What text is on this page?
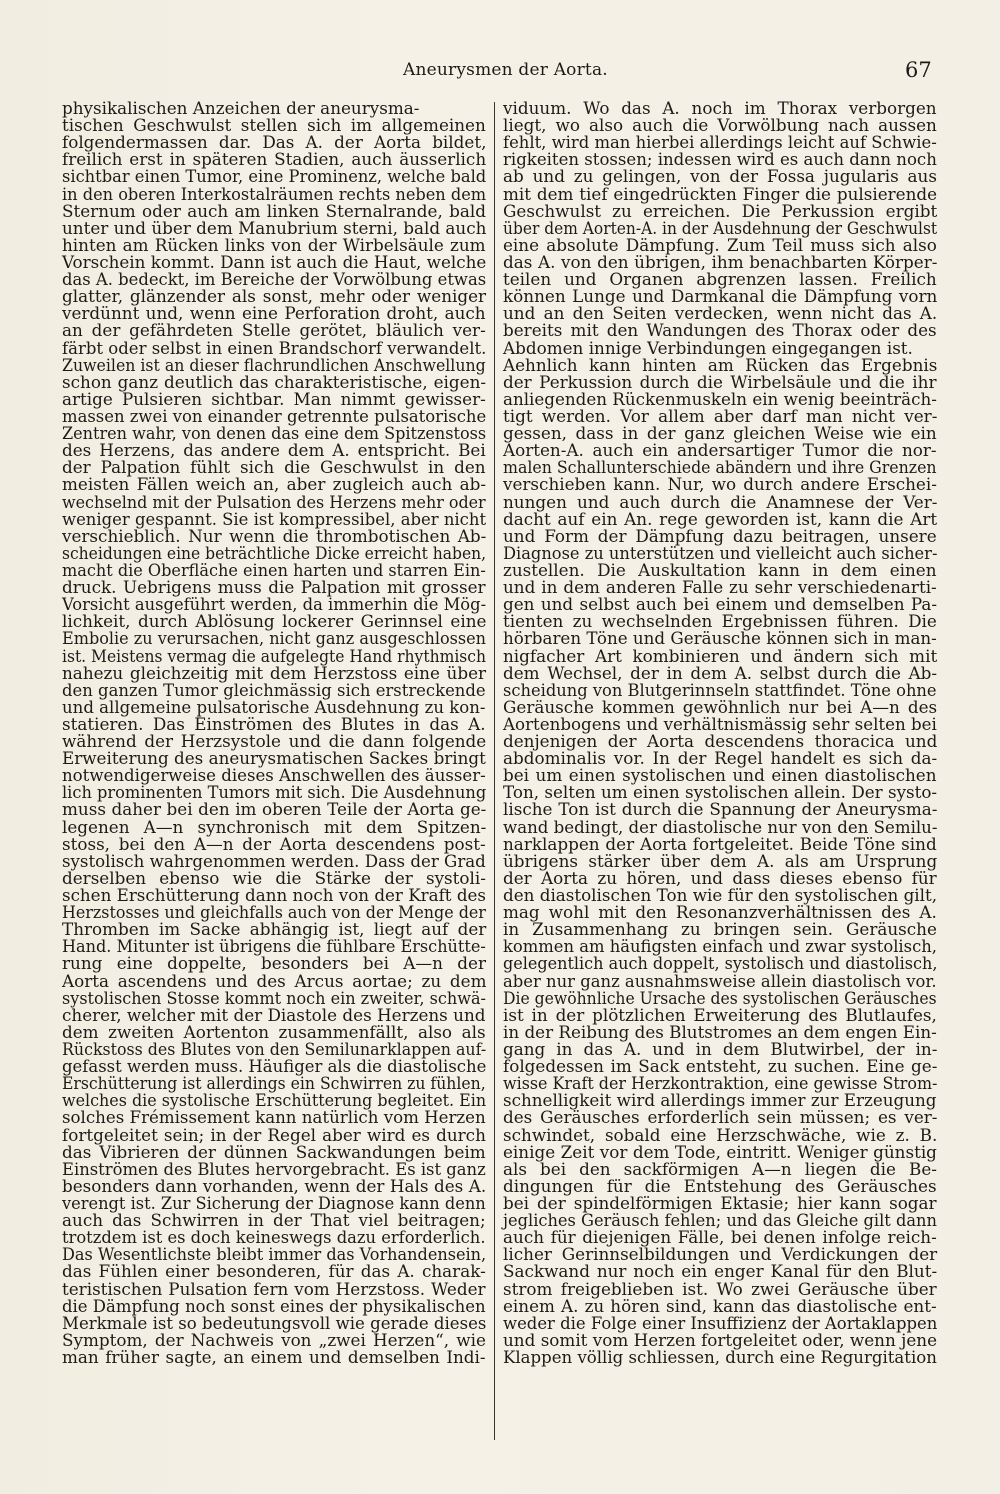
Aneurysmen der Aorta.	67
physikalischen Anzeichen der aneurysma-
tischen Geschwulst stellen sich im allgemeinen
folgendermassen dar. Das A. der Aorta bildet,
freilich erst in späteren Stadien, auch äusserlich
sichtbar einen Tumor, eine Prominenz, welche bald
in den oberen Interkostalräumen rechts neben dem
Sternum oder auch am linken Sternalrande, bald
unter und über dem Manubrium sterni, bald auch
hinten am Rücken links von der Wirbelsäule zum
Vorschein kommt. Dann ist auch die Haut, welche
das A. bedeckt, im Bereiche der Vorwölbung etwas
glatter, glänzender als sonst, mehr oder weniger
verdünnt und, wenn eine Perforation droht, auch
an der gefährdeten Stelle gerötet, bläulich ver-
färbt oder selbst in einen Brandschorf verwandelt.
Zuweilen ist an dieser flachrundlichen Anschwellung
schon ganz deutlich das charakteristische, eigen-
artige Pulsieren sichtbar. Man nimmt gewisser-
massen zwei von einander getrennte pulsatorische
Zentren wahr, von denen das eine dem Spitzenstoss
des Herzens, das andere dem A. entspricht. Bei
der Palpation fühlt sich die Geschwulst in den
meisten Fällen weich an, aber zugleich auch ab-
wechselnd mit der Pulsation des Herzens mehr oder
weniger gespannt. Sie ist kompressibel, aber nicht
verschieblich. Nur wenn die thrombotischen Ab-
scheidungen eine beträchtliche Dicke erreicht haben,
macht die Oberfläche einen harten und starren Ein-
druck. Uebrigens muss die Palpation mit grosser
Vorsicht ausgeführt werden, da immerhin die Mög-
lichkeit, durch Ablösung lockerer Gerinnsel eine
Embolie zu verursachen, nicht ganz ausgeschlossen
ist. Meistens vermag die aufgelegte Hand rhythmisch
nahezu gleichzeitig mit dem Herzstoss eine über
den ganzen Tumor gleichmässig sich erstreckende
und allgemeine pulsatorische Ausdehnung zu kon-
statieren. Das Einströmen des Blutes in das A.
während der Herzsystole und die dann folgende
Erweiterung des aneurysmatischen Sackes bringt
notwendigerweise dieses Anschwellen des äusser-
lich prominenten Tumors mit sich. Die Ausdehnung
muss daher bei den im oberen Teile der Aorta ge-
legenen A—n synchronisch mit dem Spitzen-
stoss, bei den A—n der Aorta descendens post-
systolisch wahrgenommen werden. Dass der Grad
derselben ebenso wie die Stärke der systoli-
schen Erschütterung dann noch von der Kraft des
Herzstosses und gleichfalls auch von der Menge der
Thromben im Sacke abhängig ist, liegt auf der
Hand. Mitunter ist übrigens die fühlbare Erschütte-
rung eine doppelte, besonders bei A—n der
Aorta ascendens und des Arcus aortae; zu dem
systolischen Stosse kommt noch ein zweiter, schwä-
cherer, welcher mit der Diastole des Herzens und
dem zweiten Aortenton zusammenfällt, also als
Rückstoss des Blutes von den Semilunarklappen auf-
gefasst werden muss. Häufiger als die diastolische
Erschütterung ist allerdings ein Schwirren zu fühlen,
welches die systolische Erschütterung begleitet. Ein
solches Frémissement kann natürlich vom Herzen
fortgeleitet sein; in der Regel aber wird es durch
das Vibrieren der dünnen Sackwandungen beim
Einströmen des Blutes hervorgebracht. Es ist ganz
besonders dann vorhanden, wenn der Hals des A.
verengt ist. Zur Sicherung der Diagnose kann denn
auch das Schwirren in der That viel beitragen;
trotzdem ist es doch keineswegs dazu erforderlich.
Das Wesentlichste bleibt immer das Vorhandensein,
das Fühlen einer besonderen, für das A. charak-
teristischen Pulsation fern vom Herzstoss. Weder
die Dämpfung noch sonst eines der physikalischen
Merkmale ist so bedeutungsvoll wie gerade dieses
Symptom, der Nachweis von „zwei Herzen“, wie
man früher sagte, an einem und demselben Indi-
viduum. Wo das A. noch im Thorax verborgen
liegt, wo also auch die Vorwölbung nach aussen
fehlt, wird man hierbei allerdings leicht auf Schwie-
rigkeiten stossen; indessen wird es auch dann noch
ab und zu gelingen, von der Fossa jugularis aus
mit dem tief eingedrückten Finger die pulsierende
Geschwulst zu erreichen. Die Perkussion ergibt
über dem Aorten-A. in der Ausdehnung der Geschwulst
eine absolute Dämpfung. Zum Teil muss sich also
das A. von den übrigen, ihm benachbarten Körper-
teilen und Organen abgrenzen lassen. Freilich
können Lunge und Darmkanal die Dämpfung vorn
und an den Seiten verdecken, wenn nicht das A.
bereits mit den Wandungen des Thorax oder des
Abdomen innige Verbindungen eingegangen ist.
Aehnlich kann hinten am Rücken das Ergebnis
der Perkussion durch die Wirbelsäule und die ihr
anliegenden Rückenmuskeln ein wenig beeinträch-
tigt werden. Vor allem aber darf man nicht ver-
gessen, dass in der ganz gleichen Weise wie ein
Aorten-A. auch ein andersartiger Tumor die nor-
malen Schallunterschiede abändern und ihre Grenzen
verschieben kann. Nur, wo durch andere Erschei-
nungen und auch durch die Anamnese der Ver-
dacht auf ein An. rege geworden ist, kann die Art
und Form der Dämpfung dazu beitragen, unsere
Diagnose zu unterstützen und vielleicht auch sicher-
zustellen. Die Auskultation kann in dem einen
und in dem anderen Falle zu sehr verschiedenarti-
gen und selbst auch bei einem und demselben Pa-
tienten zu wechselnden Ergebnissen führen. Die
hörbaren Töne und Geräusche können sich in man-
nigfacher Art kombinieren und ändern sich mit
dem Wechsel, der in dem A. selbst durch die Ab-
scheidung von Blutgerinnseln stattfindet. Töne ohne
Geräusche kommen gewöhnlich nur bei A—n des
Aortenbogens und verhältnismässig sehr selten bei
denjenigen der Aorta descendens thoracica und
abdominalis vor. In der Regel handelt es sich da-
bei um einen systolischen und einen diastolischen
Ton, selten um einen systolischen allein. Der systo-
lische Ton ist durch die Spannung der Aneurysma-
wand bedingt, der diastolische nur von den Semilu-
narklappen der Aorta fortgeleitet. Beide Töne sind
übrigens stärker über dem A. als am Ursprung
der Aorta zu hören, und dass dieses ebenso für
den diastolischen Ton wie für den systolischen gilt,
mag wohl mit den Resonanzverhältnissen des A.
in Zusammenhang zu bringen sein. Geräusche
kommen am häufigsten einfach und zwar systolisch,
gelegentlich auch doppelt, systolisch und diastolisch,
aber nur ganz ausnahmsweise allein diastolisch vor.
Die gewöhnliche Ursache des systolischen Geräusches
ist in der plötzlichen Erweiterung des Blutlaufes,
in der Reibung des Blutstromes an dem engen Ein-
gang in das A. und in dem Blutwirbel, der in-
folgedessen im Sack entsteht, zu suchen. Eine ge-
wisse Kraft der Herzkontraktion, eine gewisse Strom-
schnelligkeit wird allerdings immer zur Erzeugung
des Geräusches erforderlich sein müssen; es ver-
schwindet, sobald eine Herzschwäche, wie z. B.
einige Zeit vor dem Tode, eintritt. Weniger günstig
als bei den sackförmigen A—n liegen die Be-
dingungen für die Entstehung des Geräusches
bei der spindelförmigen Ektasie; hier kann sogar
jegliches Geräusch fehlen; und das Gleiche gilt dann
auch für diejenigen Fälle, bei denen infolge reich-
licher Gerinnselbildungen und Verdickungen der
Sackwand nur noch ein enger Kanal für den Blut-
strom freigeblieben ist. Wo zwei Geräusche über
einem A. zu hören sind, kann das diastolische ent-
weder die Folge einer Insuffizienz der Aortaklappen
und somit vom Herzen fortgeleitet oder, wenn jene
Klappen völlig schliessen, durch eine Regurgitation
